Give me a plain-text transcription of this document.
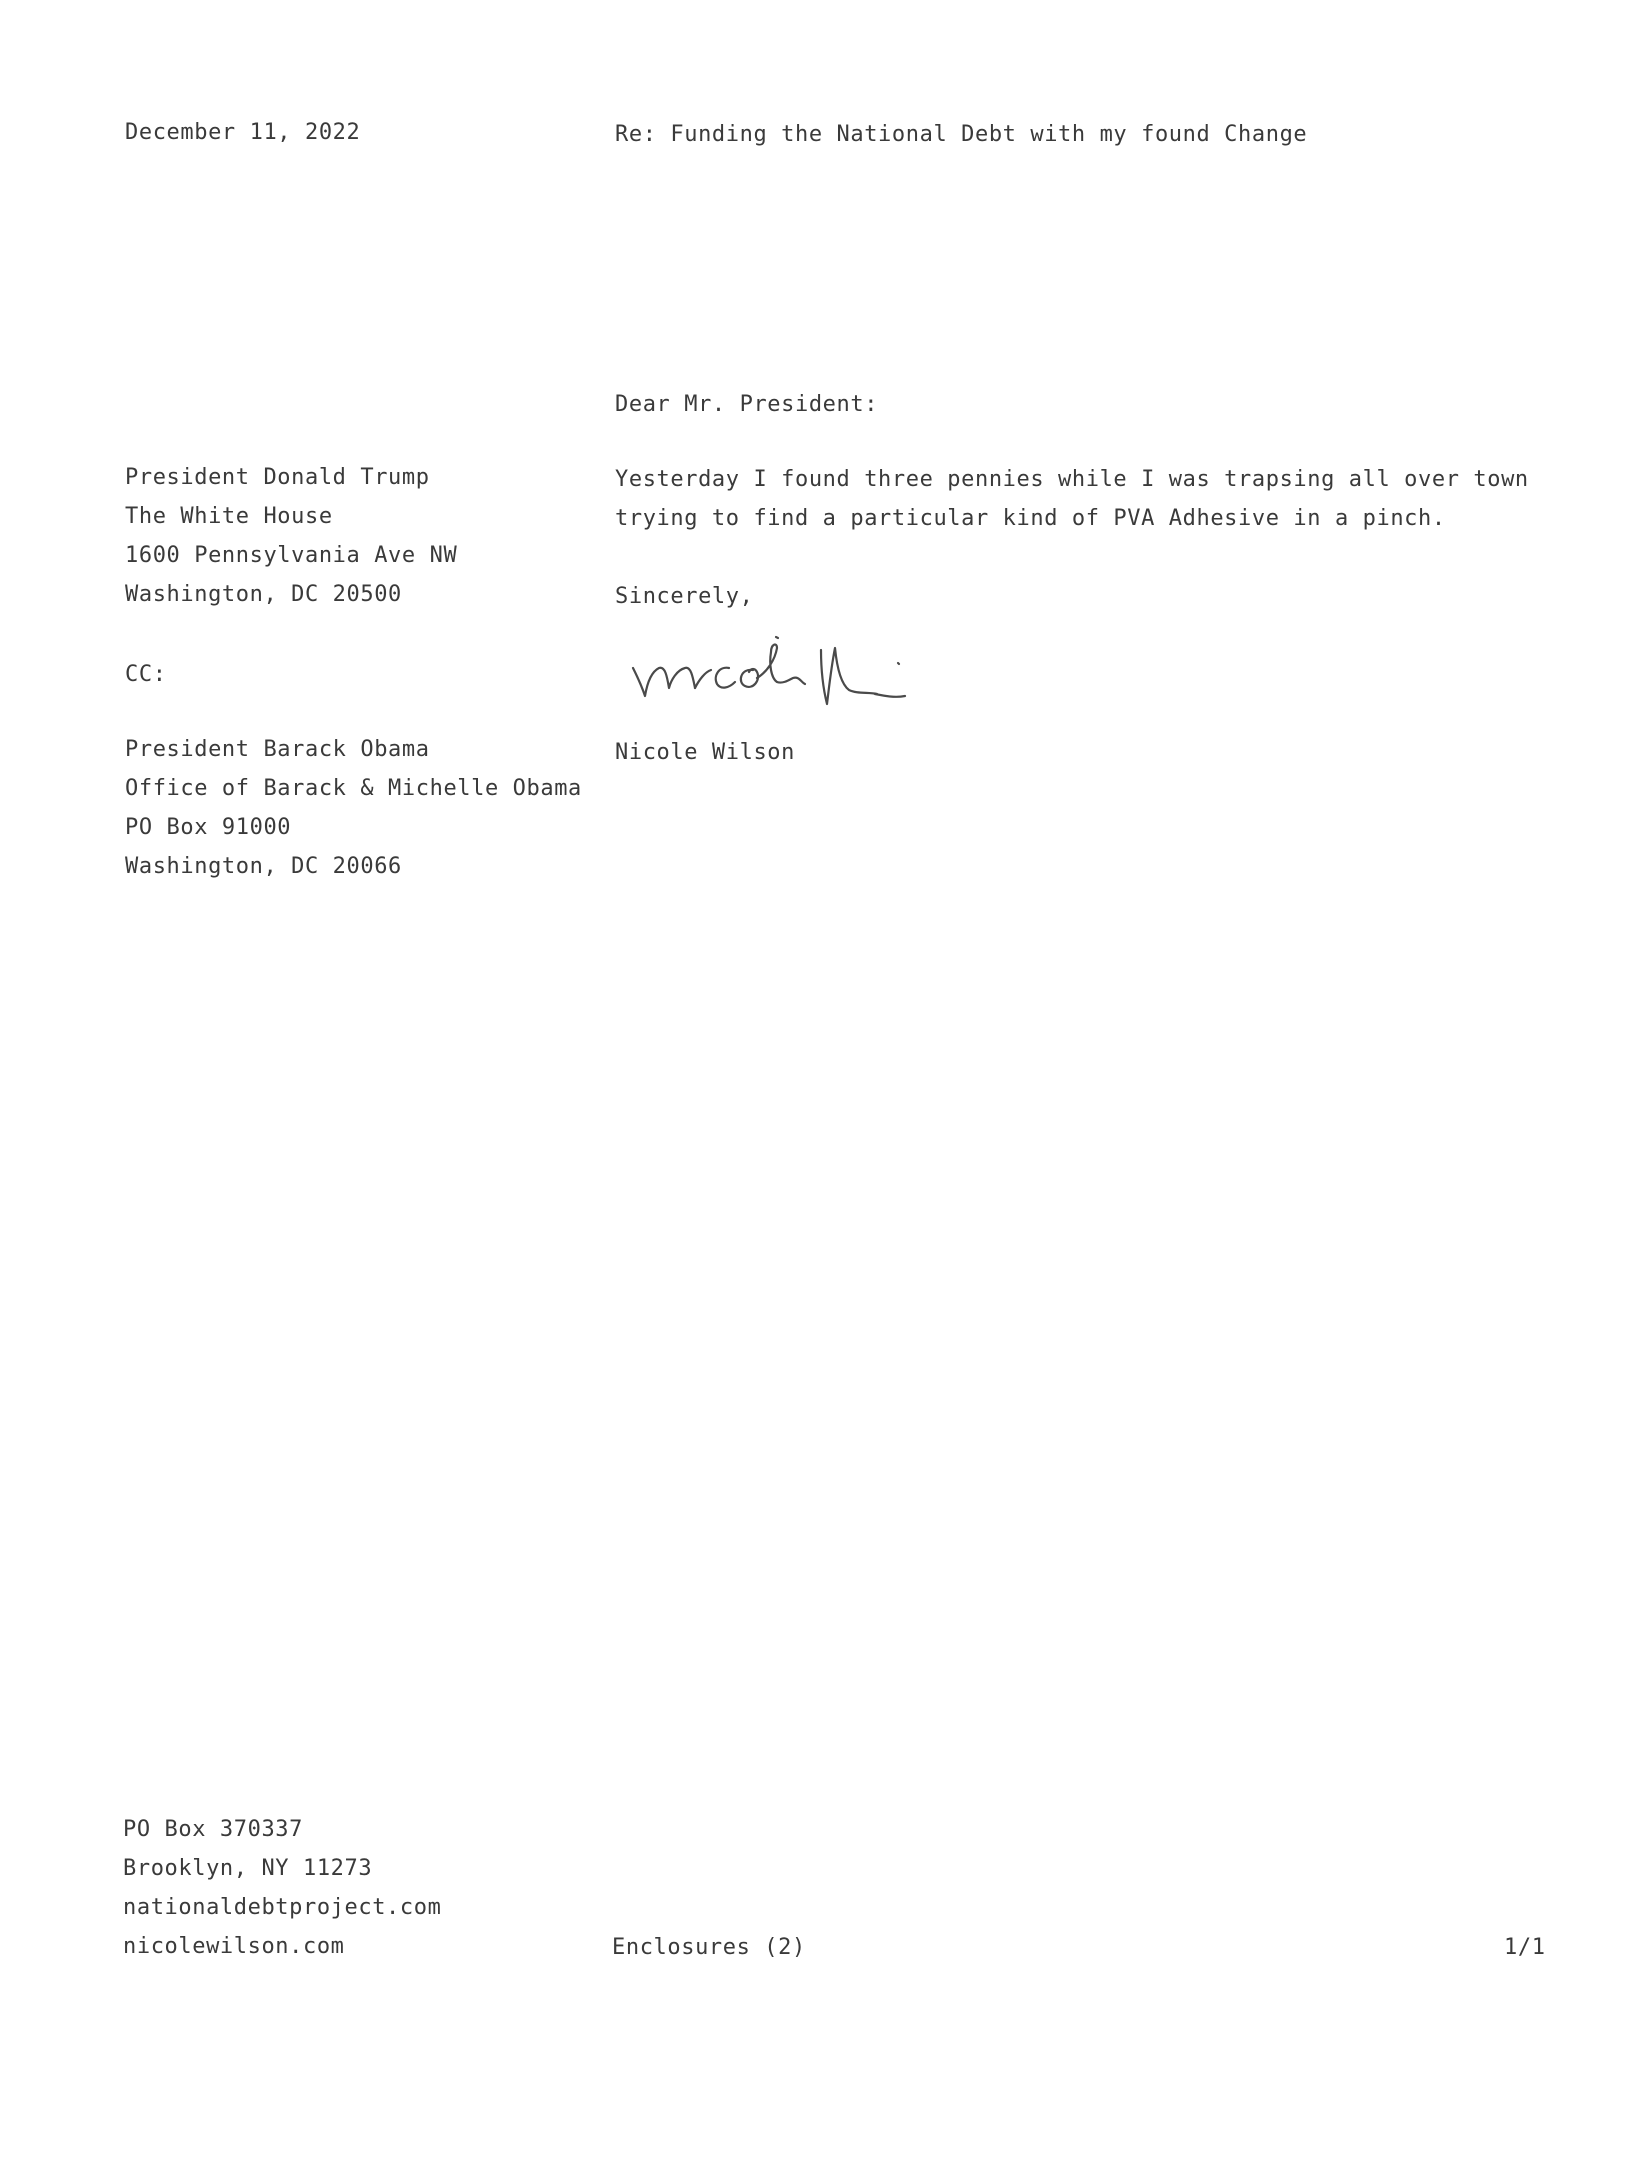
December 11, 2022	Re: Funding the National Debt with my found Change
Dear Mr. President:
President Donald Trump
The White House
1600 Pennsylvania Ave NW
Washington, DC 20500
Yesterday I found three pennies while I was trapsing all over town
trying to find a particular kind of PVA Adhesive in a pinch.
Sincerely,
CC:
Nicole Wilson
President Barack Obama
Office of Barack & Michelle Obama
PO Box 91000
Washington, DC 20066
PO Box 370337
Brooklyn, NY 11273
nationaldebtproject.com
nicolewilson.com	Enclosures (2)	1/1
